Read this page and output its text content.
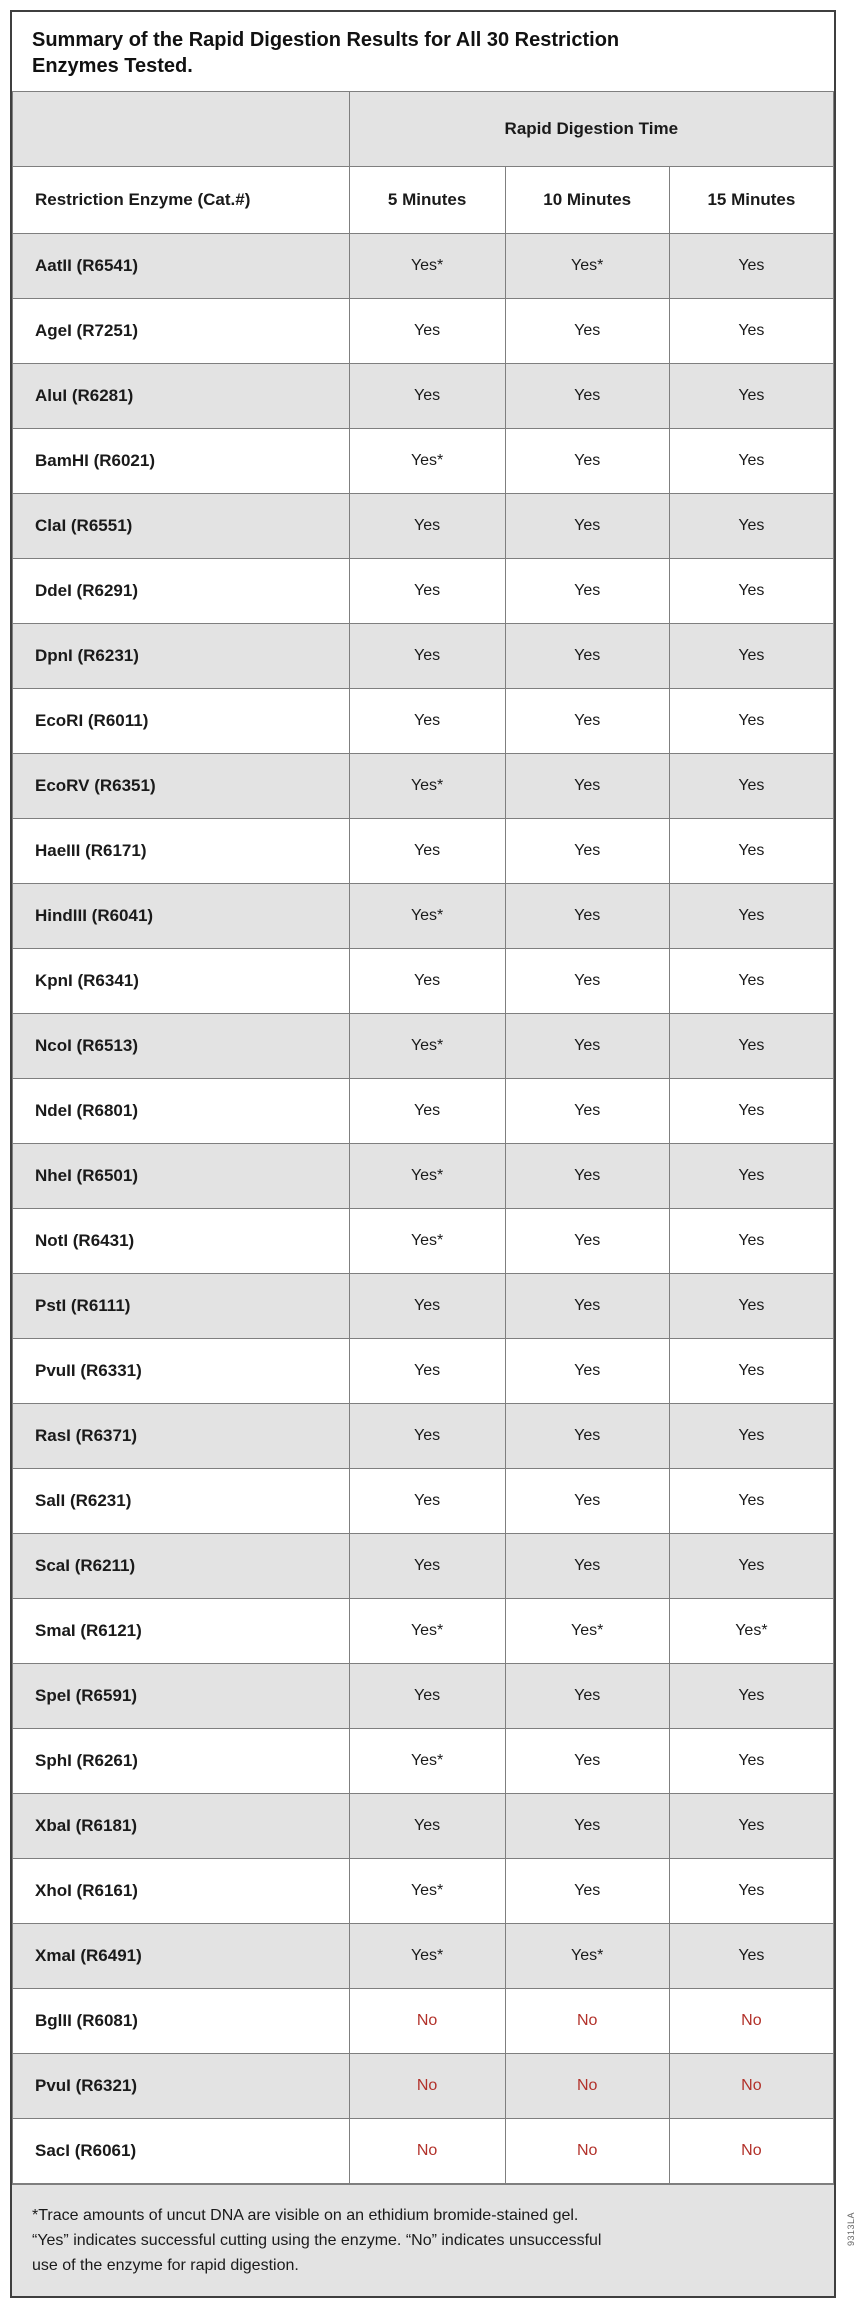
Summary of the Rapid Digestion Results for All 30 Restriction
Enzymes Tested.
	Rapid Digestion Time		
Restriction Enzyme (Cat.#)	5 Minutes	10 Minutes	15 Minutes
AatII (R6541)	Yes*	Yes*	Yes
AgeI (R7251)	Yes	Yes	Yes
AluI (R6281)	Yes	Yes	Yes
BamHI (R6021)	Yes*	Yes	Yes
ClaI (R6551)	Yes	Yes	Yes
DdeI (R6291)	Yes	Yes	Yes
DpnI (R6231)	Yes	Yes	Yes
EcoRI (R6011)	Yes	Yes	Yes
EcoRV (R6351)	Yes*	Yes	Yes
HaeIII (R6171)	Yes	Yes	Yes
HindIII (R6041)	Yes*	Yes	Yes
KpnI (R6341)	Yes	Yes	Yes
NcoI (R6513)	Yes*	Yes	Yes
NdeI (R6801)	Yes	Yes	Yes
NheI (R6501)	Yes*	Yes	Yes
NotI (R6431)	Yes*	Yes	Yes
PstI (R6111)	Yes	Yes	Yes
PvuII (R6331)	Yes	Yes	Yes
RasI (R6371)	Yes	Yes	Yes
SalI (R6231)	Yes	Yes	Yes
ScaI (R6211)	Yes	Yes	Yes
SmaI (R6121)	Yes*	Yes*	Yes*
SpeI (R6591)	Yes	Yes	Yes
SphI (R6261)	Yes*	Yes	Yes
XbaI (R6181)	Yes	Yes	Yes
XhoI (R6161)	Yes*	Yes	Yes
XmaI (R6491)	Yes*	Yes*	Yes
BglII (R6081)	No	No	No
PvuI (R6321)	No	No	No
SacI (R6061)	No	No	No
*Trace amounts of uncut DNA are visible on an ethidium bromide-stained gel.
“Yes” indicates successful cutting using the enzyme. “No” indicates unsuccessful
use of the enzyme for rapid digestion.
9313LA
